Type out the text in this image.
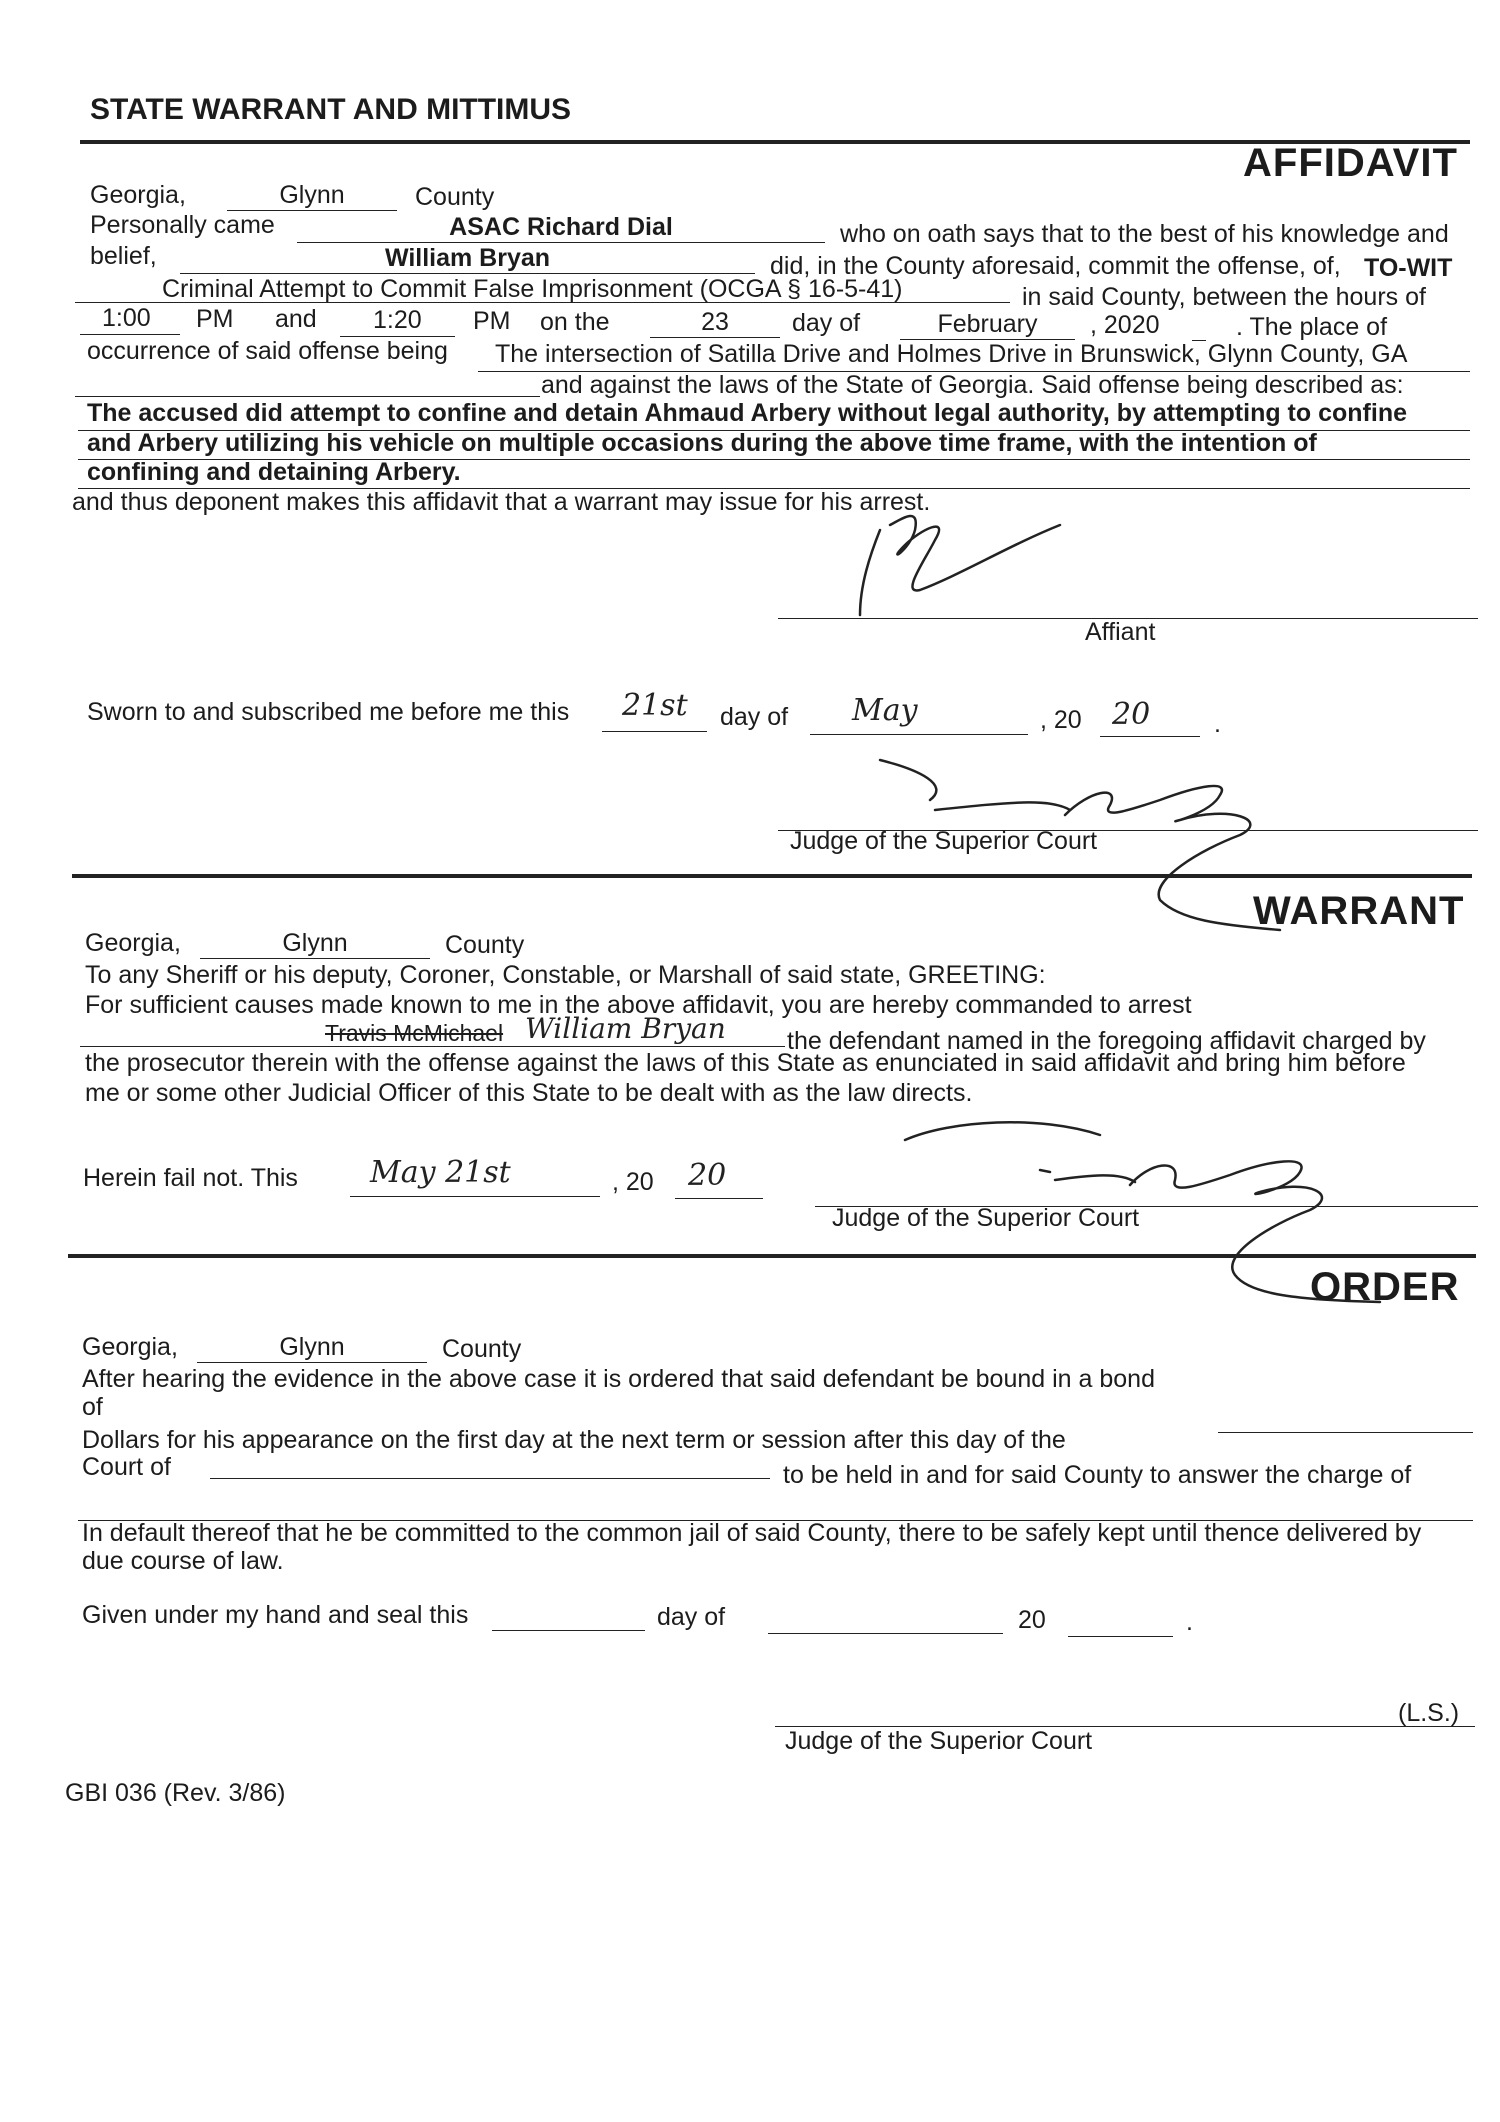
STATE WARRANT AND MITTIMUS
AFFIDAVIT
Georgia,	Glynn	County
Personally came	ASAC Richard Dial	who on oath says that to the best of his knowledge and
belief,	William Bryan	did, in the County aforesaid, commit the offense, of, TO-WIT
Criminal Attempt to Commit False Imprisonment (OCGA § 16-5-41)	in said County, between the hours of
1:00 PM and 1:20 PM on the	23	day of	February	, 2020	. The place of
occurrence of said offense being The intersection of Satilla Drive and Holmes Drive in Brunswick, Glynn County, GA
and against the laws of the State of Georgia. Said offense being described as:
The accused did attempt to confine and detain Ahmaud Arbery without legal authority, by attempting to confine
and Arbery utilizing his vehicle on multiple occasions during the above time frame, with the intention of
confining and detaining Arbery.
and thus deponent makes this affidavit that a warrant may issue for his arrest.
Affiant
Sworn to and subscribed me before me this 21st day of May	, 20 20	.
Judge of the Superior Court
WARRANT
Georgia,	Glynn	County
To any Sheriff or his deputy, Coroner, Constable, or Marshall of said state, GREETING:
For sufficient causes made known to me in the above affidavit, you are hereby commanded to arrest
Travis McMichael William Bryan the defendant named in the foregoing affidavit charged by
the prosecutor therein with the offense against the laws of this State as enunciated in said affidavit and bring him before
me or some other Judicial Officer of this State to be dealt with as the law directs.
Herein fail not. This May 21st	, 20 20
Judge of the Superior Court
ORDER
Georgia,	Glynn	County
After hearing the evidence in the above case it is ordered that said defendant be bound in a bond
of
Dollars for his appearance on the first day at the next term or session after this day of the
Court of	to be held in and for said County to answer the charge of
In default thereof that he be committed to the common jail of said County, there to be safely kept until thence delivered by
due course of law.
Given under my hand and seal this	day of	20	.
(L.S.)
Judge of the Superior Court
GBI 036 (Rev. 3/86)
